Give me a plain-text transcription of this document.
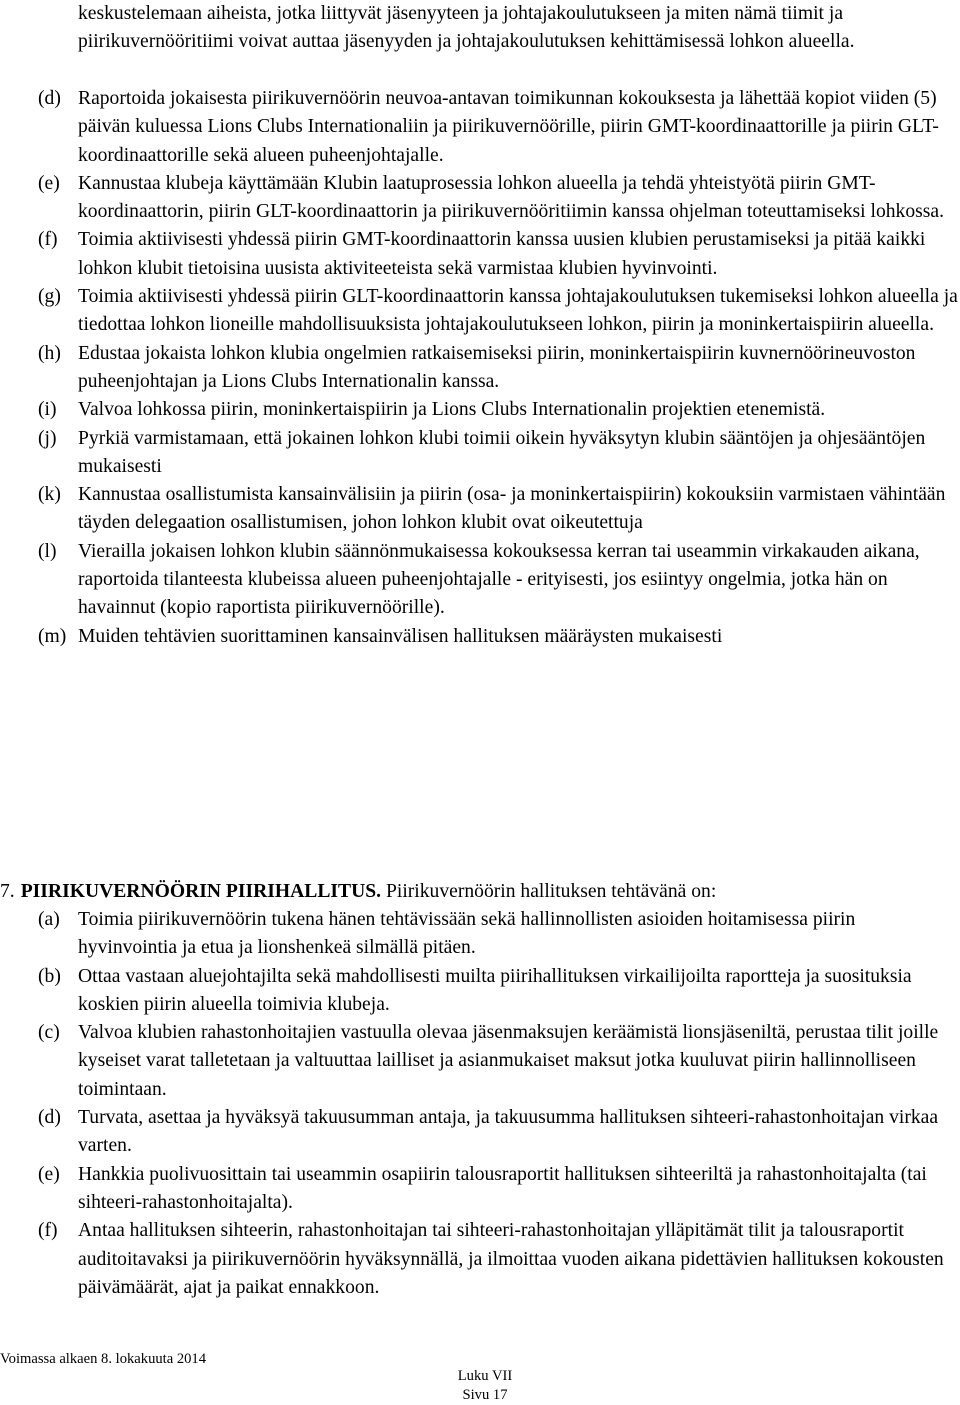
keskustelemaan aiheista, jotka liittyvät jäsenyyteen ja johtajakoulutukseen ja miten nämä tiimit ja piirikuvernööritiimi voivat auttaa jäsenyyden ja johtajakoulutuksen kehittämisessä lohkon alueella.

(d) Raportoida jokaisesta piirikuvernöörin neuvoa-antavan toimikunnan kokouksesta ja lähettää kopiot viiden (5) päivän kuluessa Lions Clubs Internationaliin ja piirikuvernöörille, piirin GMT-koordinaattorille ja piirin GLT-koordinaattorille sekä alueen puheenjohtajalle.
(e) Kannustaa klubeja käyttämään Klubin laatuprosessia lohkon alueella ja tehdä yhteistyötä piirin GMT-koordinaattorin, piirin GLT-koordinaattorin ja piirikuvernööritiimin kanssa ohjelman toteuttamiseksi lohkossa.
(f)	Toimia aktiivisesti yhdessä piirin GMT-koordinaattorin kanssa uusien klubien perustamiseksi ja pitää kaikki lohkon klubit tietoisina uusista aktiviteeteista sekä varmistaa klubien hyvinvointi.
(g) Toimia aktiivisesti yhdessä piirin GLT-koordinaattorin kanssa johtajakoulutuksen tukemiseksi lohkon alueella ja tiedottaa lohkon lioneille mahdollisuuksista johtajakoulutukseen lohkon, piirin ja moninkertaispiirin alueella.
(h) Edustaa jokaista lohkon klubia ongelmien ratkaisemiseksi piirin, moninkertaispiirin kuvnernöörineuvoston puheenjohtajan ja Lions Clubs Internationalin kanssa.
(i)	Valvoa lohkossa piirin, moninkertaispiirin ja Lions Clubs Internationalin projektien etenemistä.
(j)	Pyrkiä varmistamaan, että jokainen lohkon klubi toimii oikein hyväksytyn klubin sääntöjen ja ohjesääntöjen mukaisesti
(k) Kannustaa osallistumista kansainvälisiin ja piirin (osa- ja moninkertaispiirin) kokouksiin varmistaen vähintään täyden delegaation osallistumisen, johon lohkon klubit ovat oikeutettuja
(l)	Vierailla jokaisen lohkon klubin säännönmukaisessa kokouksessa kerran tai useammin virkakauden aikana, raportoida tilanteesta klubeissa alueen puheenjohtajalle - erityisesti, jos esiintyy ongelmia, jotka hän on havainnut (kopio raportista piirikuvernöörille).
(m) Muiden tehtävien suorittaminen kansainvälisen hallituksen määräysten mukaisesti
7. PIIRIKUVERNÖÖRIN PIIRIHALLITUS. Piirikuvernöörin hallituksen tehtävänä on:
(a) Toimia piirikuvernöörin tukena hänen tehtävissään sekä hallinnollisten asioiden hoitamisessa piirin hyvinvointia ja etua ja lionshenkeä silmällä pitäen.
(b) Ottaa vastaan aluejohtajilta sekä mahdollisesti muilta piirihallituksen virkailijoilta raportteja ja suosituksia koskien piirin alueella toimivia klubeja.
(c) Valvoa klubien rahastonhoitajien vastuulla olevaa jäsenmaksujen keräämistä lionsjäseniltä, perustaa tilit joille kyseiset varat talletetaan ja valtuuttaa lailliset ja asianmukaiset maksut jotka kuuluvat piirin hallinnolliseen toimintaan.
(d) Turvata, asettaa ja hyväksyä takuusumman antaja, ja takuusumma hallituksen sihteeri-rahastonhoitajan virkaa varten.
(e) Hankkia puolivuosittain tai useammin osapiirin talousraportit hallituksen sihteeriltä ja rahastonhoitajalta (tai sihteeri-rahastonhoitajalta).
(f)	Antaa hallituksen sihteerin, rahastonhoitajan tai sihteeri-rahastonhoitajan ylläpitämät tilit ja talousraportit auditoitavaksi ja piirikuvernöörin hyväksynnällä, ja ilmoittaa vuoden aikana pidettävien hallituksen kokousten päivämäärät, ajat ja paikat ennakkoon.
Voimassa alkaen 8. lokakuuta 2014
Luku VII
Sivu 17
